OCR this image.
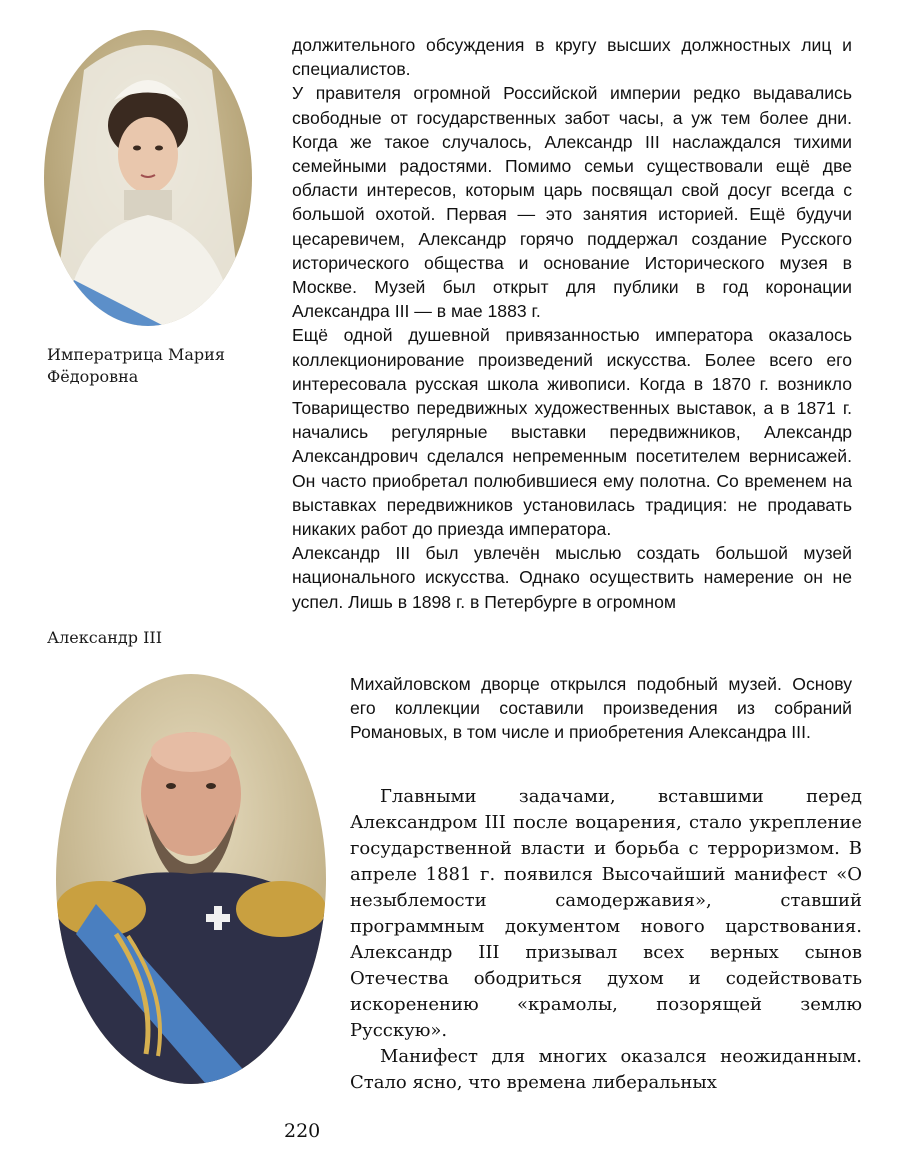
Императрица Мария Фёдоровна
Александр III

должительного обсуждения в кругу высших должностных лиц и специалистов.

У правителя огромной Российской империи редко выдавались свободные от государственных забот часы, а уж тем более дни. Когда же такое случалось, Александр III наслаждался тихими семейными радостями. Помимо семьи существовали ещё две области интересов, которым царь посвящал свой досуг всегда с большой охотой. Первая — это занятия историей. Ещё будучи цесаревичем, Александр горячо поддержал создание Русского исторического общества и основание Исторического музея в Москве. Музей был открыт для публики в год коронации Александра III — в мае 1883 г.

Ещё одной душевной привязанностью императора оказалось коллекционирование произведений искусства. Более всего его интересовала русская школа живописи. Когда в 1870 г. возникло Товарищество передвижных художественных выставок, а в 1871 г. начались регулярные выставки передвижников, Александр Александрович сделался непременным посетителем вернисажей. Он часто приобретал полюбившиеся ему полотна. Со временем на выставках передвижников установилась традиция: не продавать никаких работ до приезда императора.

Александр III был увлечён мыслью создать большой музей национального искусства. Однако осуществить намерение он не успел. Лишь в 1898 г. в Петербурге в огромном

Михайловском дворце открылся подобный музей. Основу его коллекции составили произведения из собраний Романовых, в том числе и приобретения Александра III.

Главными задачами, вставшими перед Александром III после воцарения, стало укрепление государственной власти и борьба с терроризмом. В апреле 1881 г. появился Высочайший манифест «О незыблемости самодержавия», ставший программным документом нового царствования. Александр III призывал всех верных сынов Отечества ободриться духом и содействовать искоренению «крамолы, позорящей землю Русскую».

Манифест для многих оказался неожиданным. Стало ясно, что времена либеральных

220
